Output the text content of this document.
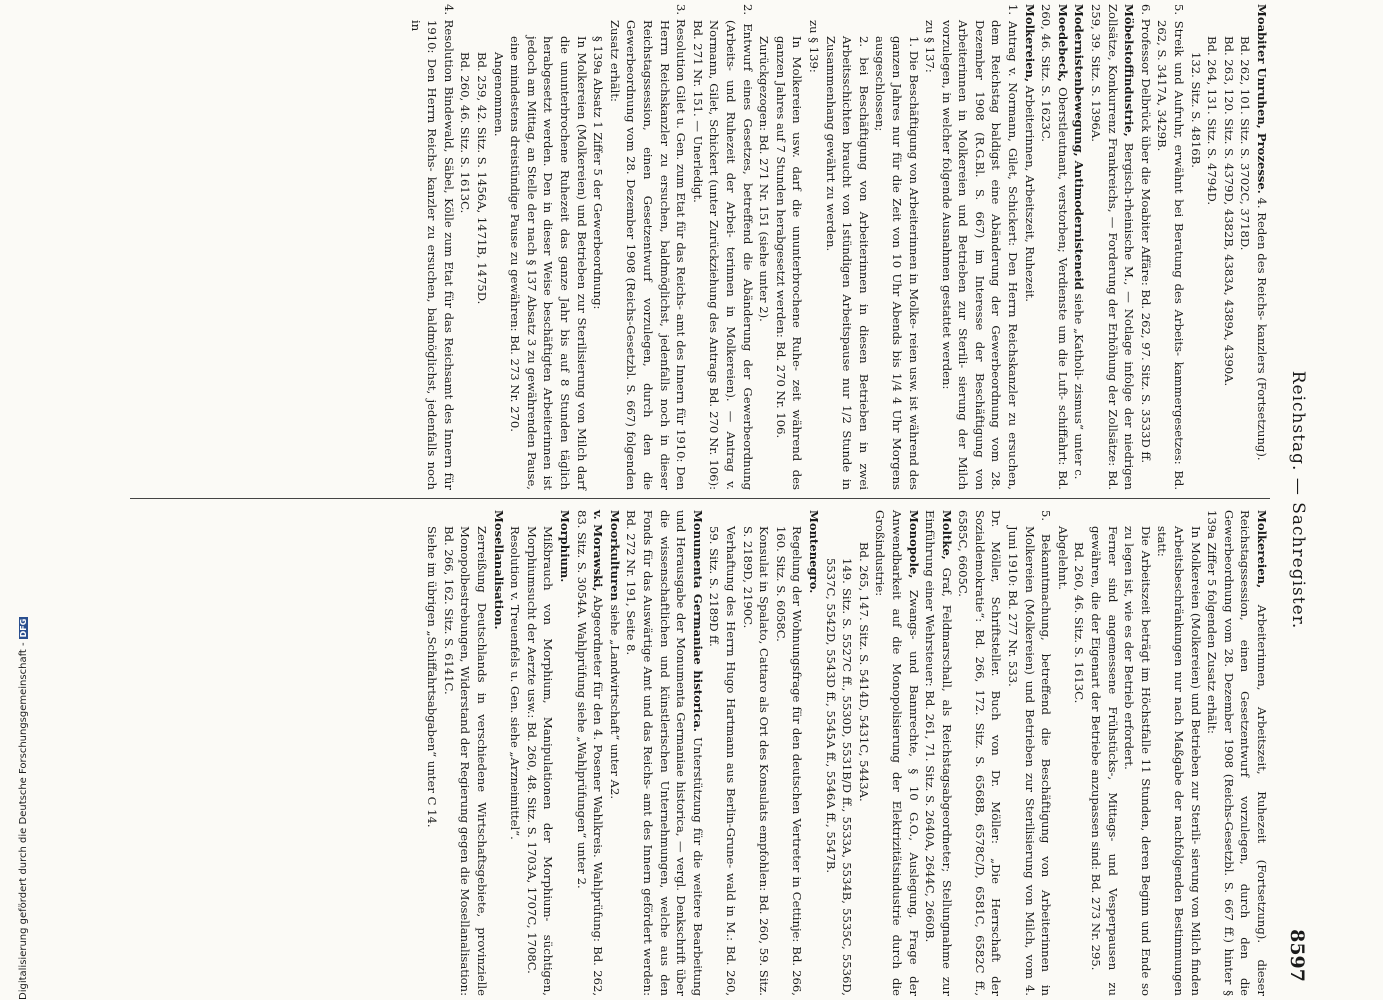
Digitalisierung gefördert durch die Deutsche Forschungsgemeinschaft -DFG	Reichstag. — Sachregister.
8597

Moabiter Unruhen, Prozesse. 4. Reden des Reichs- kanzlers (Fortsetzung).

Bd. 262, 101. Sitz. S. 3702C, 3718D.

Bd. 263, 120. Sitz. S. 4379D, 4382B, 4383A, 4389A, 4390A.

Bd. 264, 131. Sitz. S. 4794D.

132. Sitz. S. 4816B.

5. Streik und Aufruhr, erwähnt bei Beratung des Arbeits- kammergesetzes: Bd. 262, S. 3417A, 3429B.

6. Professor Delbrück über die Moabiter Affäre: Bd. 262, 97. Sitz. S. 3533D ff.

Möbelstoffindustrie, Bergisch-rheinische M., — Notlage infolge der niedrigen Zollsätze, Konkurrenz Frankreichs, — Forderung der Erhöhung der Zollsätze: Bd. 259, 39. Sitz. S. 1396A.

Modernistenbewegung, Antimodernisteneid siehe „Katholi- zismus“ unter c.

Moedebeck, Oberstleutnant, verstorben; Verdienste um die Luft- schiffahrt: Bd. 260, 46. Sitz. S. 1623C.

Molkereien, Arbeiterinnen, Arbeitszeit, Ruhezeit.

1. Antrag v. Normann, Gilet, Schickert: Den Herrn Reichskanzler zu ersuchen, dem Reichstag baldigst eine Abänderung der Gewerbeordnung vom 28. Dezember 1908 (R.G.Bl. S. 667) im Interesse der Beschäftigung von Arbeiterinnen in Molkereien und Betrieben zur Sterili- sierung der Milch vorzulegen, in welcher folgende Ausnahmen gestattet werden:

zu § 137:

1. Die Beschäftigung von Arbeiterinnen in Molke- reien usw. ist während des ganzen Jahres nur für die Zeit von 10 Uhr Abends bis 1/4 4 Uhr Morgens ausgeschlossen;

2. bei Beschäftigung von Arbeiterinnen in diesen Betrieben in zwei Arbeitsschichten braucht von 1stündigen Arbeitspause nur 1/2 Stunde in Zusammenhang gewährt zu werden.

zu § 139:

In Molkereien usw. darf die ununterbrochene Ruhe- zeit während des ganzen Jahres auf 7 Stunden herabgesetzt werden: Bd. 270 Nr. 106.

Zurückgezogen: Bd. 271 Nr. 151 (siehe unter 2).

2. Entwurf eines Gesetzes, betreffend die Abänderung der Gewerbeordnung (Arbeits- und Ruhezeit der Arbei- terinnen in Molkereien). — Antrag v. Normann, Gilet, Schickert (unter Zurückziehung des Antrags Bd. 270 Nr. 106): Bd. 271 Nr. 151. — Unerledigt.

3. Resolution Gilet u. Gen. zum Etat für das Reichs- amt des Innern für 1910: Den Herrn Reichskanzler zu ersuchen, baldmöglichst, jedenfalls noch in dieser Reichstagssession, einen Gesetzentwurf vorzulegen, durch den die Gewerbeordnung vom 28. Dezember 1908 (Reichs-Gesetzbl. S. 667) folgenden Zusatz erhält:

§ 139a Absatz 1 Ziffer 5 der Gewerbeordnung:

In Molkereien (Molkereien) und Betrieben zur Sterilisierung von Milch darf die ununterbrochene Ruhezeit das ganze Jahr bis auf 8 Stunden täglich herabgesetzt werden. Den in dieser Weise beschäftigten Arbeiterinnen ist jedoch am Mittag, an Stelle der nach § 137 Absatz 3 zu gewährenden Pause, eine mindestens dreistündige Pause zu gewähren: Bd. 273 Nr. 270.

Angenommen.

Bd. 259, 42. Sitz. S. 1456A, 1471B, 1475D.

Bd. 260, 46. Sitz. S. 1613C.

4. Resolution Bindewald, Säbel, Kölle zum Etat für das Reichsamt des Innern für 1910: Den Herrn Reichs- kanzler zu ersuchen, baldmöglichst, jedenfalls noch in

Molkereien, Arbeiterinnen, Arbeitszeit, Ruhezeit (Fortsetzung). dieser Reichstagssession, einen Gesetzentwurf vorzulegen, durch den die Gewerbeordnung vom 28. Dezember 1908 (Reichs-Gesetzbl. S. 667 ff.) hinter § 139a Ziffer 5 folgenden Zusatz erhält:

In Molkereien (Molkereien) und Betrieben zur Sterili- sierung von Milch finden Arbeitsbeschränkungen nur nach Maßgabe der nachfolgenden Bestimmungen statt:

Die Arbeitszeit beträgt im Höchstfalle 11 Stunden, deren Beginn und Ende so zu legen ist, wie es der Betrieb erfordert.

Ferner sind angemessene Frühstücks-, Mittags- und Vesperpausen zu gewähren, die der Eigenart der Betriebe anzupassen sind: Bd. 273 Nr. 295.

Bd. 260, 46. Sitz. S. 1613C.

Abgelehnt.

5. Bekanntmachung, betreffend die Beschäftigung von Arbeiterinnen in Molkereien (Molkereien) und Betrieben zur Sterilisierung von Milch, vom 4. Juni 1910: Bd. 277 Nr. 533.

Dr. Möller, Schriftsteller. Buch von Dr. Möller: „Die Herrschaft der Sozialdemokratie“: Bd. 266, 172. Sitz. S. 6568B, 6578C/D, 6581C, 6582C ff., 6585C, 6605C.

Moltke, Graf, Feldmarschall, als Reichstagsabgeordneter; Stellungnahme zur Einführung einer Wehrsteuer: Bd. 261, 71. Sitz. S. 2640A, 2644C, 2660B.

Monopole, Zwangs- und Bannrechte, § 10 G.O., Auslegung, Frage der Anwendbarkeit auf die Monopolisierung der Elektrizitätsindustrie durch die Großindustrie:

Bd. 265, 147. Sitz. S. 5414D, 5431C, 5443A.

149. Sitz. S. 5527C ff., 5530D, 5531B/D ff., 5533A, 5534B, 5535C, 5536D, 5537C, 5542D, 5543D ff., 5545A ff., 5546A ff., 5547B.

Montenegro.

Regelung der Wohnungsfrage für den deutschen Vertreter in Cettinje: Bd. 266, 160. Sitz. S. 6058C.

Konsulat in Spalato, Cattaro als Ort des Konsulats empfohlen: Bd. 260, 59. Sitz. S. 2189D, 2190C.

Verhaftung des Herrn Hugo Hartmann aus Berlin-Grune- wald in M.: Bd. 260, 59. Sitz. S. 2189D ff.

Monumenta Germaniae historica. Unterstützung für die weitere Bearbeitung und Herausgabe der Monumenta Germaniae historica, — vergl. Denkschrift über die wissenschaftlichen und künstlerischen Unternehmungen, welche aus den Fonds für das Auswärtige Amt und das Reichs- amt des Innern gefördert werden: Bd. 272 Nr. 191, Seite 8.

Moorkulturen siehe „Landwirtschaft“ unter A2.

v. Morawski, Abgeordneter für den 4. Posener Wahlkreis. Wahlprüfung: Bd. 262, 83. Sitz. S. 3054A. Wahlprüfung siehe „Wahlprüfungen“ unter 2.

Morphium.

Mißbrauch von Morphium, Manipulationen der Morphium- süchtigen, Morphiumsucht der Aerzte usw.: Bd. 260, 48. Sitz. S. 1703A, 1707C, 1708C.

Resolution v. Treuenfels u. Gen. siehe „Arzneimittel“.

Mosellanalisation.

Zerreißung Deutschlands in verschiedene Wirtschaftsgebiete, provinzielle Monopolbestrebungen, Widerstand der Regierung gegen die Mosellanalisation: Bd. 266, 162. Sitz. S. 6141C.

Siehe im übrigen „Schiffahrtsabgaben“ unter C 14.
